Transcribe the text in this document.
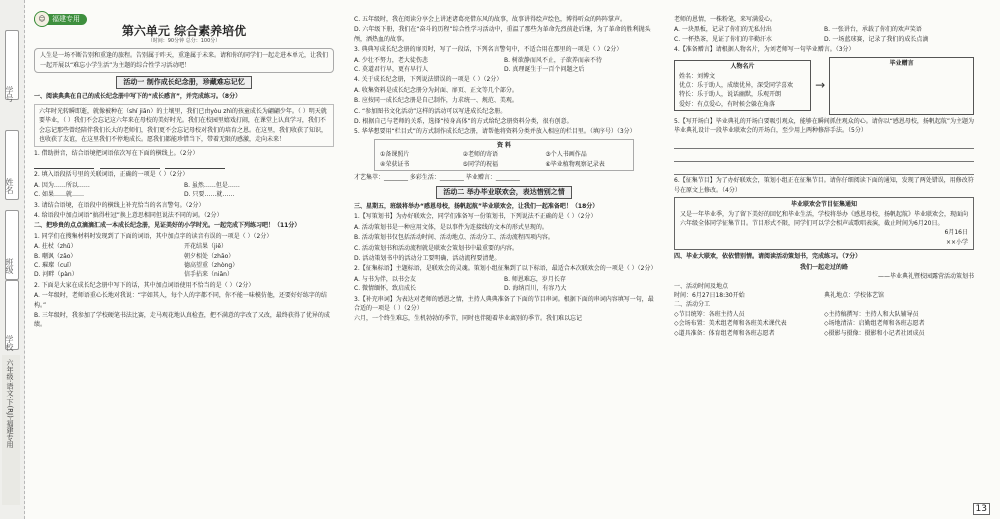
学号
姓名
班级
学校
六年级·语文·下(RJ)·福建专用
☺ 福建专用
第六单元 综合素养培优
（时间：90分钟 总分：100分）
人生是一场不断告别和重逢的旅程。告别属于昨天，重逢属于未来。请和你的同学们一起走进本单元，让我们一起开展以“难忘小学生活”为主题的综合性学习活动吧！
活动一 制作成长纪念册，珍藏难忘记忆
一、阅读典典在自己的成长纪念册中写下的“成长感言”，并完成练习。（8分）
六年时光转瞬即逝，就像被种在（shí jiān）的土壤里，我们已由yòu zhì的孩童成长为翩翩少年。（ ）明天就要毕业，（ ）我们不会忘记这六年来在母校的美好时光。我们在校园里嬉戏打闹，在课堂上认真学习，我们不会忘记那些曾经陪伴我们长大的老师们，我们更不会忘记母校对我们的培育之恩。在这里，我们收获了知识，也收获了友谊，在这里我们不停地成长。愿我们都能珍惜当下，带着无限的感激，走向未来！
1. 借助拼音，结合语境把词语依次写在下面的横线上。（2分）

2. 填入语段括号里的关联词语，正确的一项是（ ）（2分）
A. 因为……所以……	B. 虽然……但是……
C. 如果……就……	D. 只要……就……
3. 请结合语境，在语段中的横线上补充恰当的名言警句。（2分）
4. 给语段中加点词语“搞得柱冠”换上意思相同但说法不同的词。（2分）
二、把珍贵的点点滴滴汇成一本成长纪念册，见证美好的小学时光。一起完成下列练习吧！（11分）
1. 同学们在搜集材料时发现到了下面的词语，其中加点字的读音有误的一项是（ ）（2分）
A. 拄杖（zhǔ）	开花结果（jiē）
B. 嘲讽（zāo）	朝夕相处（zhāo）
C. 璀璨（cuǐ）	德高望重（zhòng）
D. 河畔（pàn）	信手拈来（niān）
2. 下面是大家在成长纪念册中写下的话，其中加点词语使用不恰当的是（ ）（2分）
A. 一年级时，老师语重心长地对我说：“字如其人，每个人的字都不同，你不能一味模仿他，还要好好练字的结构。”
B. 三年级时，我参加了学校硬笔书法比赛，走马观花地认真检查，把不满意的字改了又改，最终获得了优异的成绩。
C. 五年级时，我在阅读分享会上讲述诸葛亮借东风的故事，故事讲得绘声绘色，博得听众的阵阵掌声。
D. 六年级下册，我们在“奋斗的历程”综合性学习活动中，重温了那些为革命先烈前赴后继，为了革命的胜利抛头颅，洒热血的故事。
3. 典典写成长纪念册的扉页时，写了一段话，下列名言警句中，不适合用在那里的一项是（ ）（2分）
A. 少壮不努力，老大徒伤悲	B. 树欲静而风不止，子欲养而亲不待
C. 莫道君行早，更有早行人	D. 真理诞生于一百个问题之后
4. 关于成长纪念册，下列说法错误的一项是（ ）（2分）
A. 收集资料是成长纪念册分为封面、扉页、正文等几个部分。
B. 应按同一成长纪念册是自己制作，力求统一、规范、美观。
C. “参加图书文化活动”这样的活动可以写进成长纪念册。
D. 根据自己与老师的关系，选择“按身高体”的方式给纪念册资料分类，很有创意。
5. 华华想要用“栏目式”的方式制作成长纪念册，请帮他将资料分类并放入相应的栏目里。（填序号）（3分）
资 料
①备课照片	②老师的寄语	③个人书画作品
④荣获证书	⑤同学的祝福	⑥毕业植物观察记录表
才艺集萃：________ 多彩生活：________ 毕业赠言：________
活动二 举办毕业联欢会，表达惜别之情
三、星期五，班级将举办“感恩母校，扬帆起航”毕业联欢会，让我们一起准备吧！（18分）
1.【写策划书】为办好联欢会，同学们准备写一份策划书，下列说法不正确的是（ ）（2分）
A. 活动策划书是一种应用文体，是以事件为连接线的文本的形式呈现的。
B. 活动策划书仅包括活动时间、活动地点、活动分工、活动流程四项内容。
C. 活动策划书和活动流程就是联欢会策划书中最重要的内容。
D. 活动策划书中的活动分工要明确，活动流程要清楚。
2.【征集标语】主题标语，是联欢会的灵魂。策划小组征集到了以下标语，最适合本次联欢会的一项是（ ）（2分）
A. 与书为伴，以书会友	B. 师恩难忘，岁月长存
C. 微情缅怀，致启成长	D. 海纳百川，有容乃大
3.【补充串词】为表达对老师的感恩之情，主持人典典准备了下面的节目串词。根据下面的串词内容填写一句，最合适的一项是（ ）（2分）
六月，一个终生难忘，生机勃勃的季节，同时也伴随着毕业离别的季节。我们难以忘记
老师的恩情，一株粉笔，来写满爱心。
A. 一块黑板，记录了你们的无私付出	B. 一张讲台，承载了你们的欢声笑语
C. 一杯热茶，见证了你们的辛勤汗水	D. 一场蓝球赛，记录了我们的成长点滴
4.【准备赠言】请根据人物名片，为刘老师写一句毕业赠言。（3分）
人物名片
姓名：刘博文
优点：乐于助人，成绩优异，深受同学喜欢
特长：乐于助人，说话幽默，乐观开朗
爱好：有点爱心，有时候会躲在角落
→
毕业赠言
5.【写开场白】毕业典礼的开场白要吸引观众，能够在瞬间抓住观众的心。请你以“感恩母校，扬帆起航”为主题为毕业典礼设计一段毕业联欢会的开场白，至少用上两种修辞手法。（5分）
6.【征集节目】为了办好联欢会，策划小组正在征集节目。请你仔细阅读下面的通知，发现了两处错误，用修改符号在原文上修改。（4分）
毕业联欢会节目征集通知
又是一年毕业季，为了留下美好的回忆和毕业生活，学校将举办《感恩母校，扬帆起航》毕业联欢会，现面向六年级全体同学征集节目。节目形式不限，同学们可以学会相声或歌唱表演，截止时间为6月20日。
6月16日
××小学
四、毕业大联欢，依依惜别情。请阅读活动策划书，完成练习。（7分）
我们一起走过的路
——毕业典礼暨校园露营活动策划书
一、活动时间及地点
时间：6月27日18:30开始	典礼地点：学校体艺馆
二、活动分工
◇节目统筹：各班主持人员	◇主持稿撰写：主持人和大队辅导员
◇会场布置：美术组老师和各班美术课代表	◇场地清洁：启勤组老师和各班志愿者
◇道具准备：体育组老师和各班志愿者	◇摄影与摄像：摄影和小记者社团成员
13
